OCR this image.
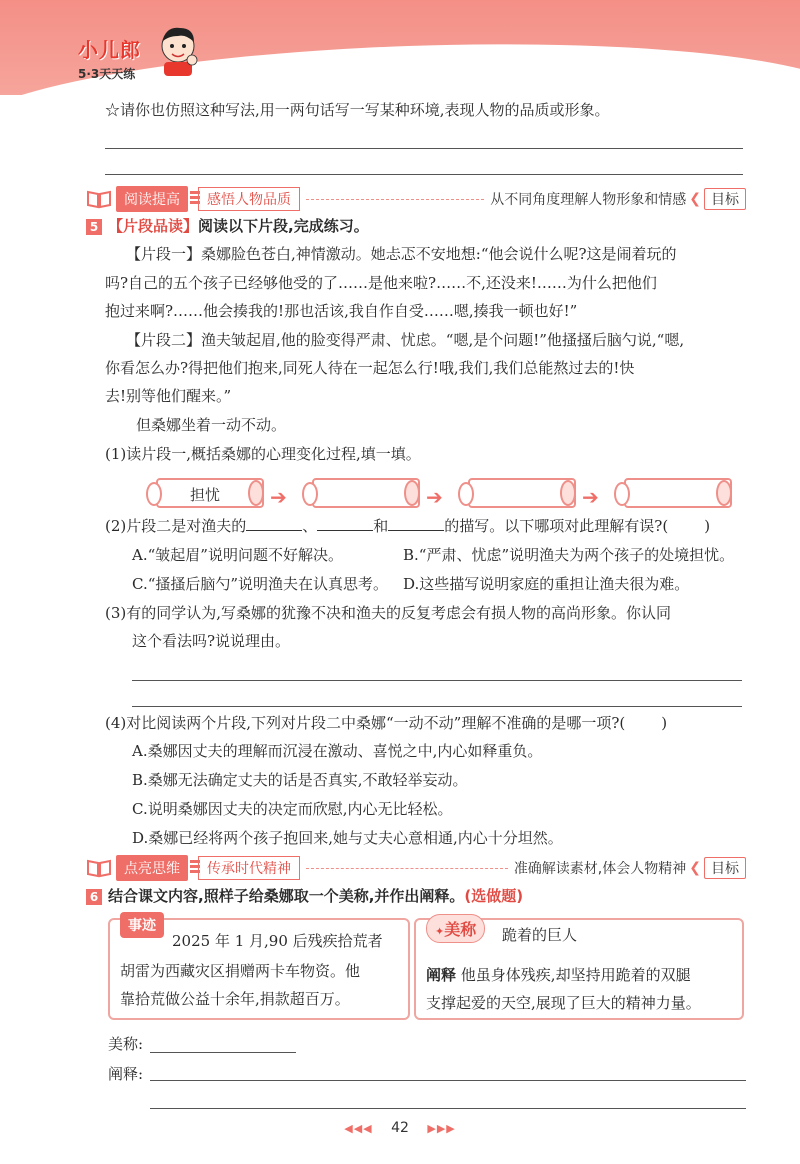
小儿郎
5·3天天练
☆请你也仿照这种写法,用一两句话写一写某种环境,表现人物的品质或形象。
阅读提高	感悟人物品质	从不同角度理解人物形象和情感 ❮ 目标
5 【片段品读】阅读以下片段,完成练习。
【片段一】桑娜脸色苍白,神情激动。她忐忑不安地想:“他会说什么呢?这是闹着玩的
吗?自己的五个孩子已经够他受的了……是他来啦?……不,还没来!……为什么把他们
抱过来啊?……他会揍我的!那也活该,我自作自受……嗯,揍我一顿也好!”
【片段二】渔夫皱起眉,他的脸变得严肃、忧虑。“嗯,是个问题!”他搔搔后脑勺说,“嗯,
你看怎么办?得把他们抱来,同死人待在一起怎么行!哦,我们,我们总能熬过去的!快
去!别等他们醒来。”
但桑娜坐着一动不动。
(1)读片段一,概括桑娜的心理变化过程,填一填。
担忧	➔	➔	➔
(2)片段二是对渔夫的	、	和	的描写。以下哪项对此理解有误?( )
A.“皱起眉”说明问题不好解决。	B.“严肃、忧虑”说明渔夫为两个孩子的处境担忧。
C.“搔搔后脑勺”说明渔夫在认真思考。 D.这些描写说明家庭的重担让渔夫很为难。
(3)有的同学认为,写桑娜的犹豫不决和渔夫的反复考虑会有损人物的高尚形象。你认同
这个看法吗?说说理由。
(4)对比阅读两个片段,下列对片段二中桑娜“一动不动”理解不准确的是哪一项?( )
A.桑娜因丈夫的理解而沉浸在激动、喜悦之中,内心如释重负。
B.桑娜无法确定丈夫的话是否真实,不敢轻举妄动。
C.说明桑娜因丈夫的决定而欣慰,内心无比轻松。
D.桑娜已经将两个孩子抱回来,她与丈夫心意相通,内心十分坦然。
点亮思维	传承时代精神	准确解读素材,体会人物精神 ❮ 目标
6 结合课文内容,照样子给桑娜取一个美称,并作出阐释。(选做题)
事迹
2025 年 1 月,90 后残疾拾荒者
胡雷为西藏灾区捐赠两卡车物资。他
靠拾荒做公益十余年,捐款超百万。
✦美称	跪着的巨人
阐释 他虽身体残疾,却坚持用跪着的双腿
支撑起爱的天空,展现了巨大的精神力量。
美称:
阐释:
◀◀◀ 42 ▶▶▶
